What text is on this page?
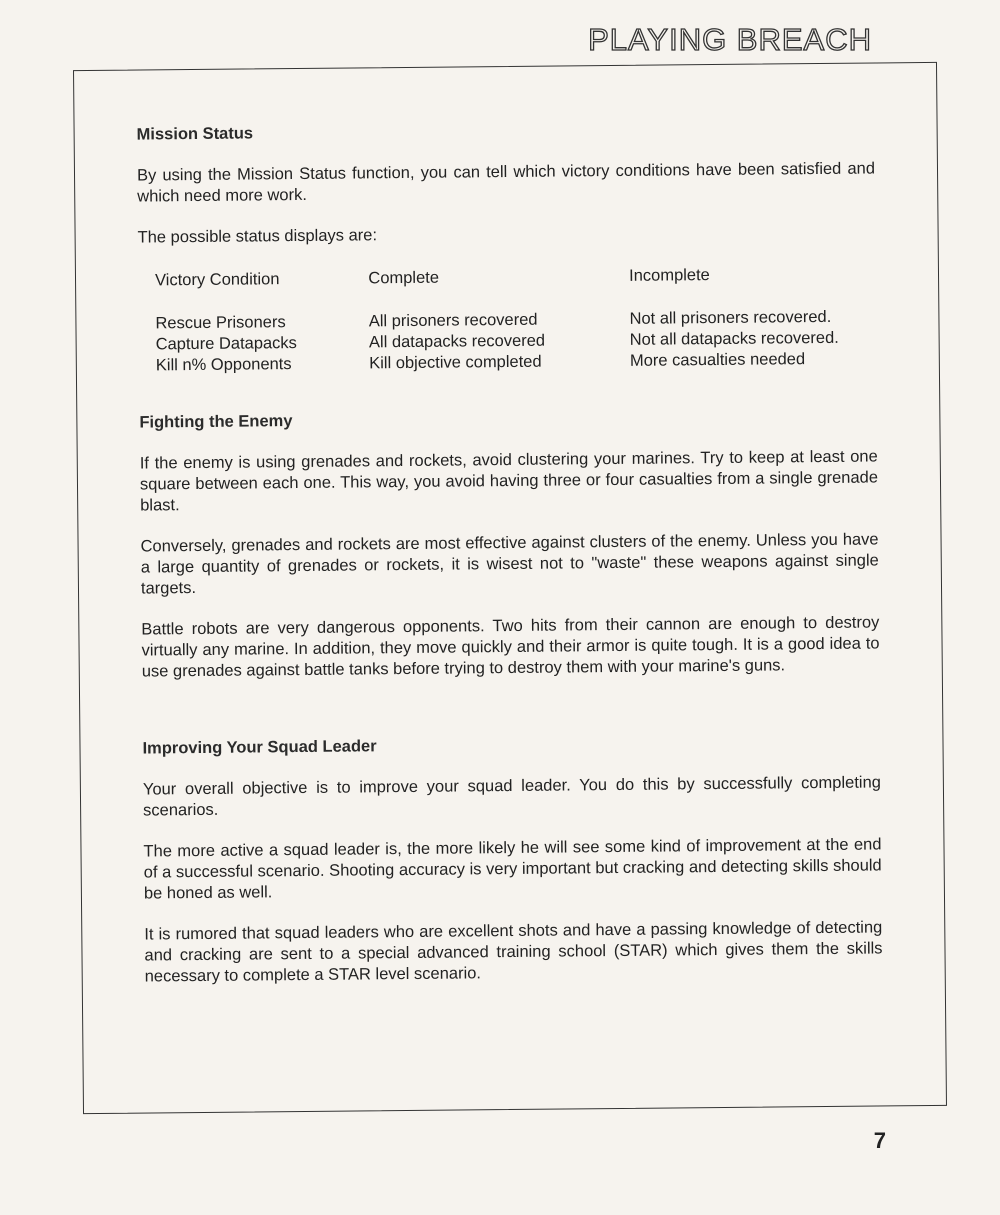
PLAYING BREACH
Mission Status

By using the Mission Status function, you can tell which victory conditions have been satisfied and which need more work.

The possible status displays are:

Victory Condition	Complete	Incomplete
Rescue Prisoners	All prisoners recovered	Not all prisoners recovered.
Capture Datapacks	All datapacks recovered	Not all datapacks recovered.
Kill n% Opponents	Kill objective completed	More casualties needed
Fighting the Enemy

If the enemy is using grenades and rockets, avoid clustering your marines. Try to keep at least one square between each one. This way, you avoid having three or four casualties from a single grenade blast.

Conversely, grenades and rockets are most effective against clusters of the enemy. Unless you have a large quantity of grenades or rockets, it is wisest not to "waste" these weapons against single targets.

Battle robots are very dangerous opponents. Two hits from their cannon are enough to destroy virtually any marine. In addition, they move quickly and their armor is quite tough. It is a good idea to use grenades against battle tanks before trying to destroy them with your marine's guns.

Improving Your Squad Leader

Your overall objective is to improve your squad leader. You do this by successfully completing scenarios.

The more active a squad leader is, the more likely he will see some kind of improvement at the end of a successful scenario. Shooting accuracy is very important but cracking and detecting skills should be honed as well.

It is rumored that squad leaders who are excellent shots and have a passing knowledge of detecting and cracking are sent to a special advanced training school (STAR) which gives them the skills necessary to complete a STAR level scenario.

7
